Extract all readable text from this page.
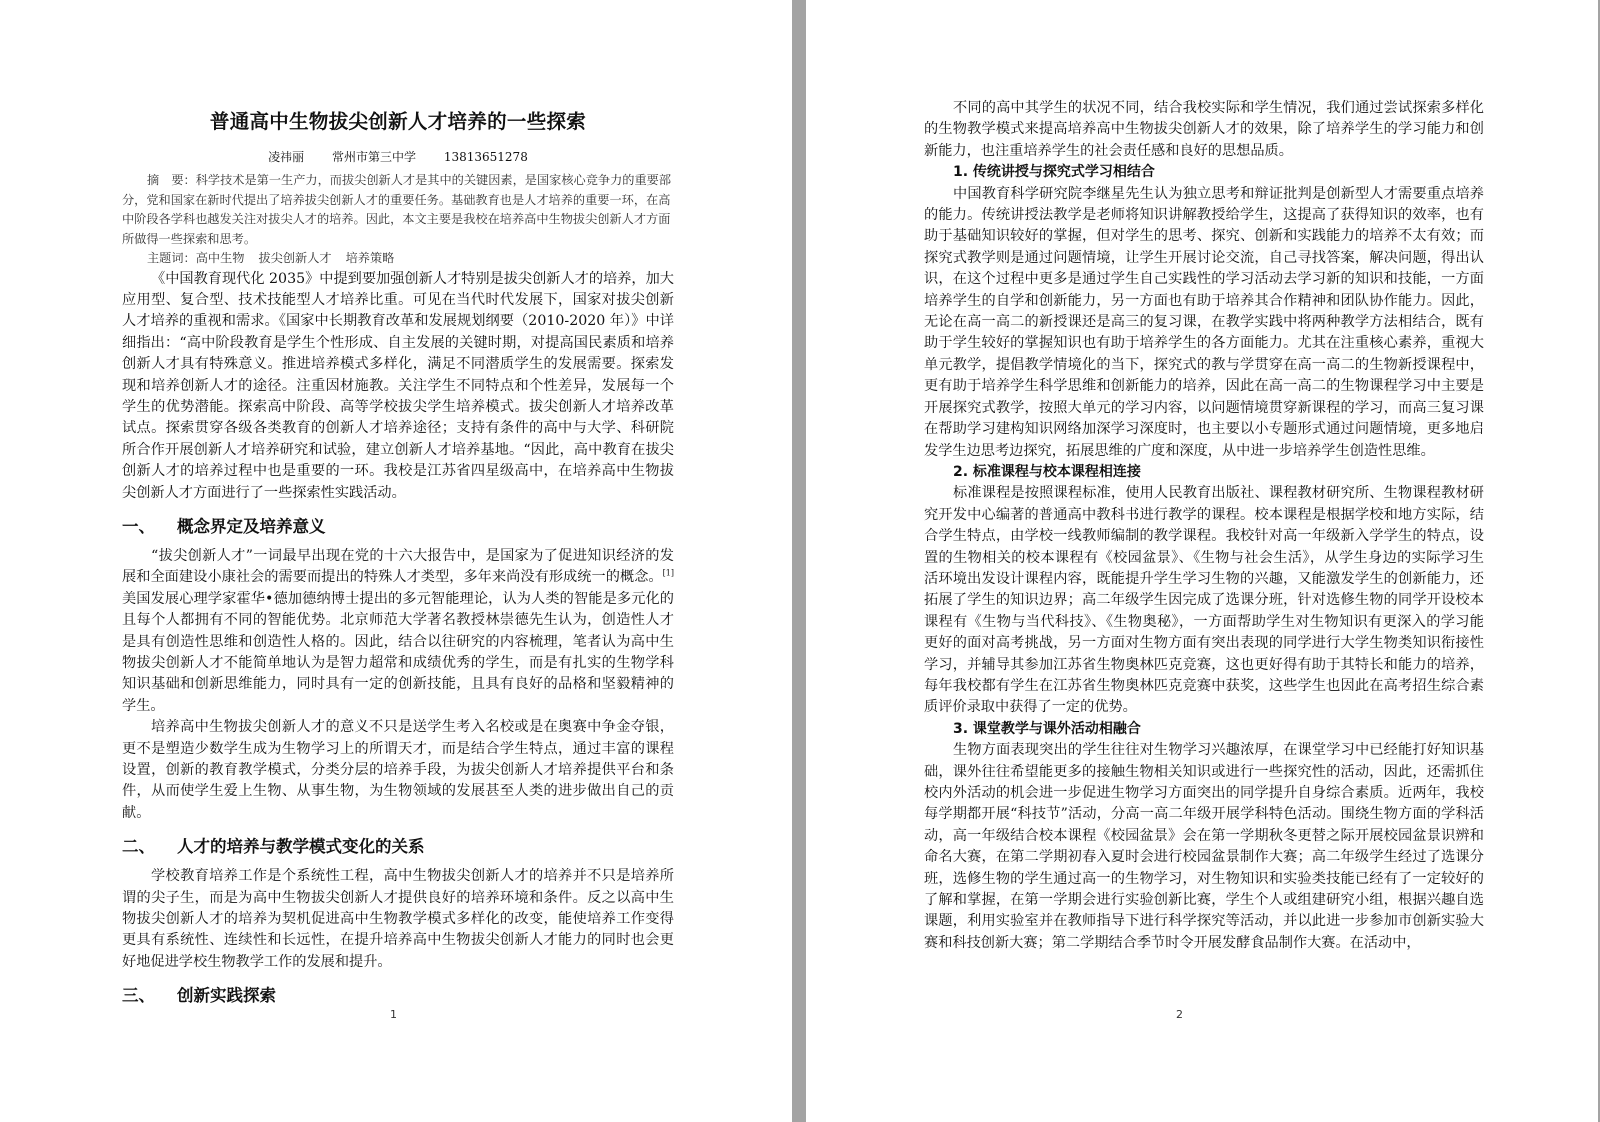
普通高中生物拔尖创新人才培养的一些探索
凌祎丽 常州市第三中学 13813651278
摘　要：科学技术是第一生产力，而拔尖创新人才是其中的关键因素，是国家核心竞争力的重要部分，党和国家在新时代提出了培养拔尖创新人才的重要任务。基础教育也是人才培养的重要一环，在高中阶段各学科也越发关注对拔尖人才的培养。因此，本文主要是我校在培养高中生物拔尖创新人才方面所做得一些探索和思考。
主题词：高中生物 拔尖创新人才 培养策略

《中国教育现代化 2035》中提到要加强创新人才特别是拔尖创新人才的培养，加大应用型、复合型、技术技能型人才培养比重。可见在当代时代发展下，国家对拔尖创新人才培养的重视和需求。《国家中长期教育改革和发展规划纲要（2010-2020 年）》中详细指出：“高中阶段教育是学生个性形成、自主发展的关键时期，对提高国民素质和培养创新人才具有特殊意义。推进培养模式多样化，满足不同潜质学生的发展需要。探索发现和培养创新人才的途径。注重因材施教。关注学生不同特点和个性差异，发展每一个学生的优势潜能。探索高中阶段、高等学校拔尖学生培养模式。拔尖创新人才培养改革试点。探索贯穿各级各类教育的创新人才培养途径；支持有条件的高中与大学、科研院所合作开展创新人才培养研究和试验，建立创新人才培养基地。“因此，高中教育在拔尖创新人才的培养过程中也是重要的一环。我校是江苏省四星级高中，在培养高中生物拔尖创新人才方面进行了一些探索性实践活动。

一、 概念界定及培养意义

“拔尖创新人才”一词最早出现在党的十六大报告中，是国家为了促进知识经济的发展和全面建设小康社会的需要而提出的特殊人才类型，多年来尚没有形成统一的概念。[1]美国发展心理学家霍华•德加德纳博士提出的多元智能理论，认为人类的智能是多元化的且每个人都拥有不同的智能优势。北京师范大学著名教授林崇德先生认为，创造性人才是具有创造性思维和创造性人格的。因此，结合以往研究的内容梳理，笔者认为高中生物拔尖创新人才不能简单地认为是智力超常和成绩优秀的学生，而是有扎实的生物学科知识基础和创新思维能力，同时具有一定的创新技能，且具有良好的品格和坚毅精神的学生。

培养高中生物拔尖创新人才的意义不只是送学生考入名校或是在奥赛中争金夺银，更不是塑造少数学生成为生物学习上的所谓天才，而是结合学生特点，通过丰富的课程设置，创新的教育教学模式，分类分层的培养手段，为拔尖创新人才培养提供平台和条件，从而使学生爱上生物、从事生物，为生物领域的发展甚至人类的进步做出自己的贡献。

二、 人才的培养与教学模式变化的关系

学校教育培养工作是个系统性工程，高中生物拔尖创新人才的培养并不只是培养所谓的尖子生，而是为高中生物拔尖创新人才提供良好的培养环境和条件。反之以高中生物拔尖创新人才的培养为契机促进高中生物教学模式多样化的改变，能使培养工作变得更具有系统性、连续性和长远性，在提升培养高中生物拔尖创新人才能力的同时也会更好地促进学校生物教学工作的发展和提升。

三、 创新实践探索
1

不同的高中其学生的状况不同，结合我校实际和学生情况，我们通过尝试探索多样化的生物教学模式来提高培养高中生物拔尖创新人才的效果，除了培养学生的学习能力和创新能力，也注重培养学生的社会责任感和良好的思想品质。

1. 传统讲授与探究式学习相结合

中国教育科学研究院李继星先生认为独立思考和辩证批判是创新型人才需要重点培养的能力。传统讲授法教学是老师将知识讲解教授给学生，这提高了获得知识的效率，也有助于基础知识较好的掌握，但对学生的思考、探究、创新和实践能力的培养不太有效；而探究式教学则是通过问题情境，让学生开展讨论交流，自己寻找答案，解决问题，得出认识，在这个过程中更多是通过学生自己实践性的学习活动去学习新的知识和技能，一方面培养学生的自学和创新能力，另一方面也有助于培养其合作精神和团队协作能力。因此，无论在高一高二的新授课还是高三的复习课，在教学实践中将两种教学方法相结合，既有助于学生较好的掌握知识也有助于培养学生的各方面能力。尤其在注重核心素养，重视大单元教学，提倡教学情境化的当下，探究式的教与学贯穿在高一高二的生物新授课程中，更有助于培养学生科学思维和创新能力的培养，因此在高一高二的生物课程学习中主要是开展探究式教学，按照大单元的学习内容，以问题情境贯穿新课程的学习，而高三复习课在帮助学习建构知识网络加深学习深度时，也主要以小专题形式通过问题情境，更多地启发学生边思考边探究，拓展思维的广度和深度，从中进一步培养学生创造性思维。

2. 标准课程与校本课程相连接

标准课程是按照课程标准，使用人民教育出版社、课程教材研究所、生物课程教材研究开发中心编著的普通高中教科书进行教学的课程。校本课程是根据学校和地方实际，结合学生特点，由学校一线教师编制的教学课程。我校针对高一年级新入学学生的特点，设置的生物相关的校本课程有《校园盆景》、《生物与社会生活》，从学生身边的实际学习生活环境出发设计课程内容，既能提升学生学习生物的兴趣，又能激发学生的创新能力，还拓展了学生的知识边界；高二年级学生因完成了选课分班，针对选修生物的同学开设校本课程有《生物与当代科技》、《生物奥秘》，一方面帮助学生对生物知识有更深入的学习能更好的面对高考挑战，另一方面对生物方面有突出表现的同学进行大学生物类知识衔接性学习，并辅导其参加江苏省生物奥林匹克竞赛，这也更好得有助于其特长和能力的培养，每年我校都有学生在江苏省生物奥林匹克竞赛中获奖，这些学生也因此在高考招生综合素质评价录取中获得了一定的优势。

3. 课堂教学与课外活动相融合

生物方面表现突出的学生往往对生物学习兴趣浓厚，在课堂学习中已经能打好知识基础，课外往往希望能更多的接触生物相关知识或进行一些探究性的活动，因此，还需抓住校内外活动的机会进一步促进生物学习方面突出的同学提升自身综合素质。近两年，我校每学期都开展“科技节”活动，分高一高二年级开展学科特色活动。围绕生物方面的学科活动，高一年级结合校本课程《校园盆景》会在第一学期秋冬更替之际开展校园盆景识辨和命名大赛，在第二学期初春入夏时会进行校园盆景制作大赛；高二年级学生经过了选课分班，选修生物的学生通过高一的生物学习，对生物知识和实验类技能已经有了一定较好的了解和掌握，在第一学期会进行实验创新比赛，学生个人或组建研究小组，根据兴趣自选课题，利用实验室并在教师指导下进行科学探究等活动，并以此进一步参加市创新实验大赛和科技创新大赛；第二学期结合季节时令开展发酵食品制作大赛。在活动中，

2
